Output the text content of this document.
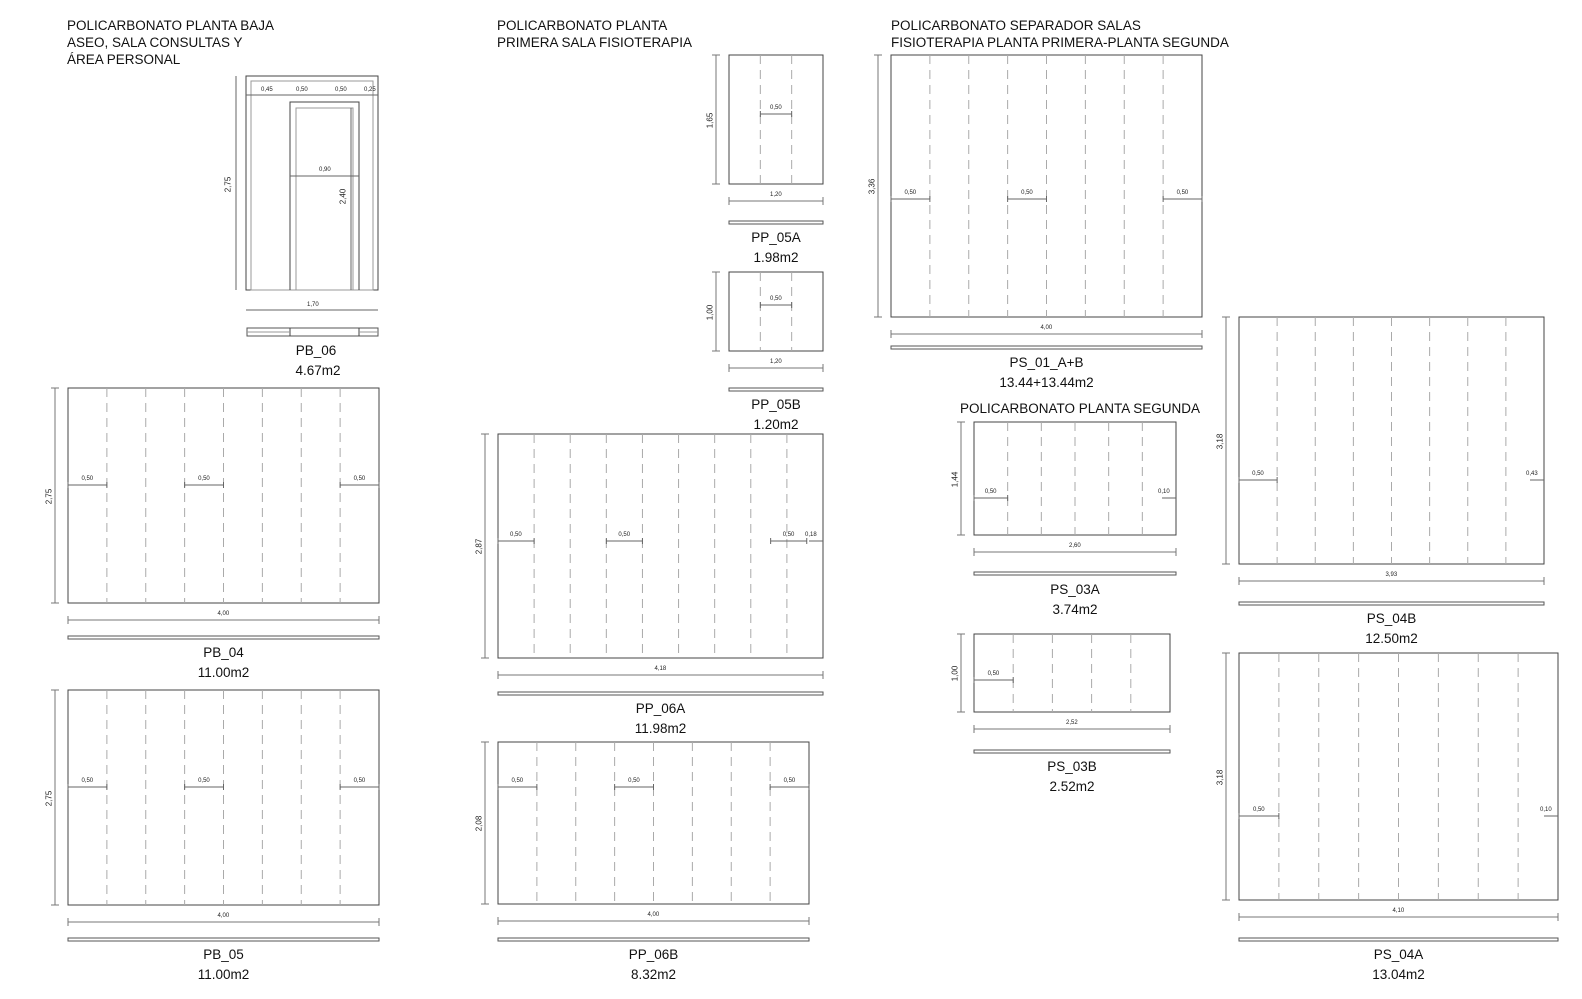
POLICARBONATO PLANTA BAJA
ASEO, SALA CONSULTAS Y
ÁREA PERSONAL
POLICARBONATO PLANTA
PRIMERA SALA FISIOTERAPIA
POLICARBONATO SEPARADOR SALAS
FISIOTERAPIA PLANTA PRIMERA-PLANTA SEGUNDA
POLICARBONATO PLANTA SEGUNDA
0,45	0,50	0,50	0,25
0,90
2,75
2,40
1,70
PB_06
4.67m2
2,75
4,00
0,50	0,50	0,50
PB_04
11.00m2
2,75
4,00
0,50	0,50	0,50
PB_05
11.00m2
1,65
1,20
0,50
PP_05A
1.98m2
1,00
1,20
0,50
PP_05B
1.20m2
2,87
4,18
0,50	0,50	0,50 0,18
PP_06A
11.98m2
2,08
4,00
0,50	0,50	0,50
PP_06B
8.32m2
3,36
4,00
0,50	0,50	0,50
PS_01_A+B
13.44+13.44m2
1,44
2,60
0,50	0,10
PS_03A
3.74m2
1,00
2,52
0,50
PS_03B
2.52m2
3,18
3,93
0,50	0,43
PS_04B
12.50m2
3,18
4,10
0,50	0,10
PS_04A
13.04m2
